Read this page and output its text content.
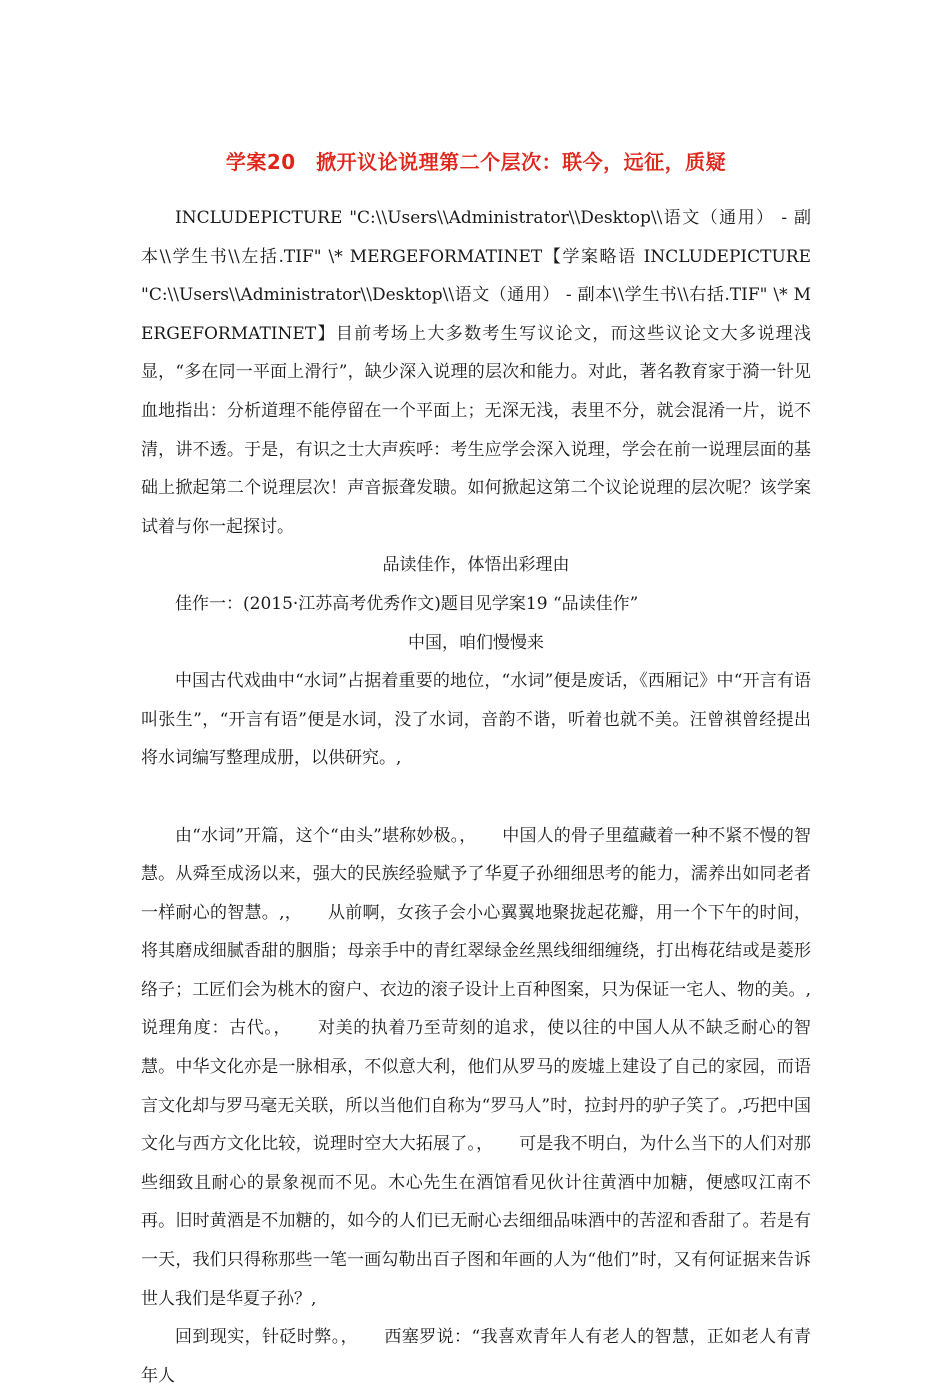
学案20　掀开议论说理第二个层次：联今，远征，质疑

INCLUDEPICTURE "C:\\Users\\Administrator\\Desktop\\语文（通用） - 副本\\学生书\\左括.TIF" \* MERGEFORMATINET【学案略语 INCLUDEPICTURE "C:\\Users\\Administrator\\Desktop\\语文（通用） - 副本\\学生书\\右括.TIF" \* MERGEFORMATINET】目前考场上大多数考生写议论文，而这些议论文大多说理浅显，“多在同一平面上滑行”，缺少深入说理的层次和能力。对此，著名教育家于漪一针见血地指出：分析道理不能停留在一个平面上；无深无浅，表里不分，就会混淆一片，说不清，讲不透。于是，有识之士大声疾呼：考生应学会深入说理，学会在前一说理层面的基础上掀起第二个说理层次！声音振聋发聩。如何掀起这第二个议论说理的层次呢？该学案试着与你一起探讨。

品读佳作，体悟出彩理由

佳作一：(2015·江苏高考优秀作文)题目见学案19 “品读佳作”

中国，咱们慢慢来

中国古代戏曲中“水词”占据着重要的地位，“水词”便是废话，《西厢记》中“开言有语叫张生”，“开言有语”便是水词，没了水词，音韵不谐，听着也就不美。汪曾祺曾经提出将水词编写整理成册，以供研究。,

由“水词”开篇，这个“由头”堪称妙极。，　　中国人的骨子里蕴藏着一种不紧不慢的智慧。从舜至成汤以来，强大的民族经验赋予了华夏子孙细细思考的能力，濡养出如同老者一样耐心的智慧。,，　　从前啊，女孩子会小心翼翼地聚拢起花瓣，用一个下午的时间，将其磨成细腻香甜的胭脂；母亲手中的青红翠绿金丝黑线细细缠绕，打出梅花结或是菱形络子；工匠们会为桃木的窗户、衣边的滚子设计上百种图案，只为保证一宅人、物的美。,说理角度：古代。，　　对美的执着乃至苛刻的追求，使以往的中国人从不缺乏耐心的智慧。中华文化亦是一脉相承，不似意大利，他们从罗马的废墟上建设了自己的家园，而语言文化却与罗马毫无关联，所以当他们自称为“罗马人”时，拉封丹的驴子笑了。,巧把中国文化与西方文化比较，说理时空大大拓展了。，　　可是我不明白，为什么当下的人们对那些细致且耐心的景象视而不见。木心先生在酒馆看见伙计往黄酒中加糖，便感叹江南不再。旧时黄酒是不加糖的，如今的人们已无耐心去细细品味酒中的苦涩和香甜了。若是有一天，我们只得称那些一笔一画勾勒出百子图和年画的人为“他们”时，又有何证据来告诉世人我们是华夏子孙？,

回到现实，针砭时弊。，　　西塞罗说：“我喜欢青年人有老人的智慧，正如老人有青年人
